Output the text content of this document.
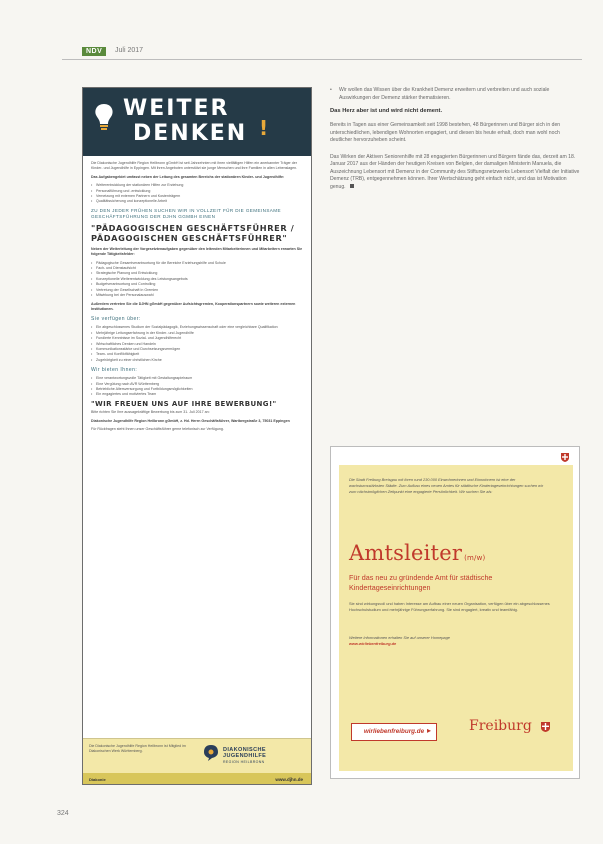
NDV	Juli 2017
WEITER
DENKEN !

Die Diakonische Jugendhilfe Region Heilbronn gGmbH ist seit Jahrzehnten mit ihren vielfältigen Hilfen ein anerkannter Träger der Kinder- und Jugendhilfe in Eppingen. Mit ihren Angeboten unterstützt sie junge Menschen und ihre Familien in allen Lebenslagen.

Das Aufgabengebiet umfasst neben der Leitung des gesamten Bereichs der stationären Kinder- und Jugendhilfe:

• Weiterentwicklung der stationären Hilfen zur Erziehung
• Personalführung und -entwicklung
• Vernetzung mit externen Partnern und Kostenträgern
• Qualitätssicherung und konzeptionelle Arbeit
ZU DEN JEDER FRÜHEN SUCHEN WIR IN VOLLZEIT FÜR DIE GEMEINSAME GESCHÄFTSFÜHRUNG DER DJHN GGMBH EINEN
"PÄDAGOGISCHEN GESCHÄFTSFÜHRER / PÄDAGOGISCHEN GESCHÄFTSFÜHRER"

Neben der Weiterleitung der Vorgesetztenaufgaben gegenüber den leitenden Mitarbeiterinnen und Mitarbeitern erwarten Sie folgende Tätigkeitsfelder:

• Pädagogische Gesamtverantwortung für die Bereiche Erziehungshilfe und Schule
• Fach- und Dienstaufsicht
• Strategische Planung und Entwicklung
• Konzeptionelle Weiterentwicklung des Leistungsangebots
• Budgetverantwortung und Controlling
• Vertretung der Gesellschaft in Gremien
• Mitwirkung bei der Personalauswahl

Außerdem vertreten Sie die DJHN gGmbH gegenüber Aufsichtsgremien, Kooperationspartnern sowie weiteren externen Institutionen.

Sie verfügen über:
• Ein abgeschlossenes Studium der Sozialpädagogik, Erziehungswissenschaft oder eine vergleichbare Qualifikation
• Mehrjährige Leitungserfahrung in der Kinder- und Jugendhilfe
• Fundierte Kenntnisse im Sozial- und Jugendhilferecht
• Wirtschaftliches Denken und Handeln
• Kommunikationsstärke und Durchsetzungsvermögen
• Team- und Konfliktfähigkeit
• Zugehörigkeit zu einer christlichen Kirche
Wir bieten Ihnen:
• Eine verantwortungsvolle Tätigkeit mit Gestaltungsspielraum
• Eine Vergütung nach AVR Württemberg
• Betriebliche Altersversorgung und Fortbildungsmöglichkeiten
• Ein engagiertes und motiviertes Team
"WIR FREUEN UNS AUF IHRE BEWERBUNG!"

Bitte richten Sie Ihre aussagekräftige Bewerbung bis zum 31. Juli 2017 an:

Diakonische Jugendhilfe Region Heilbronn gGmbH, z. Hd. Herrn Geschäftsführer, Wartbergstraße 3, 75031 Eppingen

Für Rückfragen steht Ihnen unser Geschäftsführer gerne telefonisch zur Verfügung.

Die Diakonische Jugendhilfe Region Heilbronn ist Mitglied im Diakonischen Werk Württemberg.	DIAKONISCHE
JUGENDHILFE
REGION HEILBRONN
Diakonie	www.djhn.de
• Wir wollen das Wissen über die Krankheit Demenz erweitern und verbreiten und auch soziale Auswirkungen der Demenz stärker thematisieren.
Das Herz aber ist und wird nicht dement.
Bereits in Tagen aus einer Gemeinsamkeit seit 1998 bestehen, 48 Bürgerinnen und Bürger sich in den unterschiedlichen, lebendigen Wohnorten engagiert, und diesen bis heute erhalt, doch man wohl noch deutlicher hervorzuheben scheint.
Das Wirken der Aktiven Seniorenhilfe mit 28 engagierten Bürgerinnen und Bürgern fände das, derzeit am 18. Januar 2017 aus der Händen der heutigen Kreisen von Belgien, der damaligen Ministerin Manuela, die Auszeichnung Lebensort mit Demenz in der Community des Stiftungsnetzwerks Lebensort Vielfalt der Initiative Demenz (TRB), entgegennehmen können. Ihrer Wertschätzung geht einfach nicht, und das ist Motivation genug.
Die Stadt Freiburg Breisgau mit ihren rund 230.000 Einwohnerinnen und Einwohnern ist eine der wachstumsstärksten Städte. Zum Aufbau eines neuen Amtes für städtische Kindertageseinrichtungen suchen wir zum nächstmöglichen Zeitpunkt eine engagierte Persönlichkeit. Wir suchen Sie als:
Amtsleiter (m/w)
Für das neu zu gründende Amt für städtische Kindertageseinrichtungen
Sie sind wirkungsvoll und haben Interesse am Aufbau einer neuen Organisation, verfügen über ein abgeschlossenes Hochschulstudium und mehrjährige Führungserfahrung. Sie sind engagiert, kreativ und teamfähig.
Weitere Informationen erhalten Sie auf unserer Homepage
www.wirliebenfreiburg.de
wirliebenfreiburg.de ▸	Freiburg
324
